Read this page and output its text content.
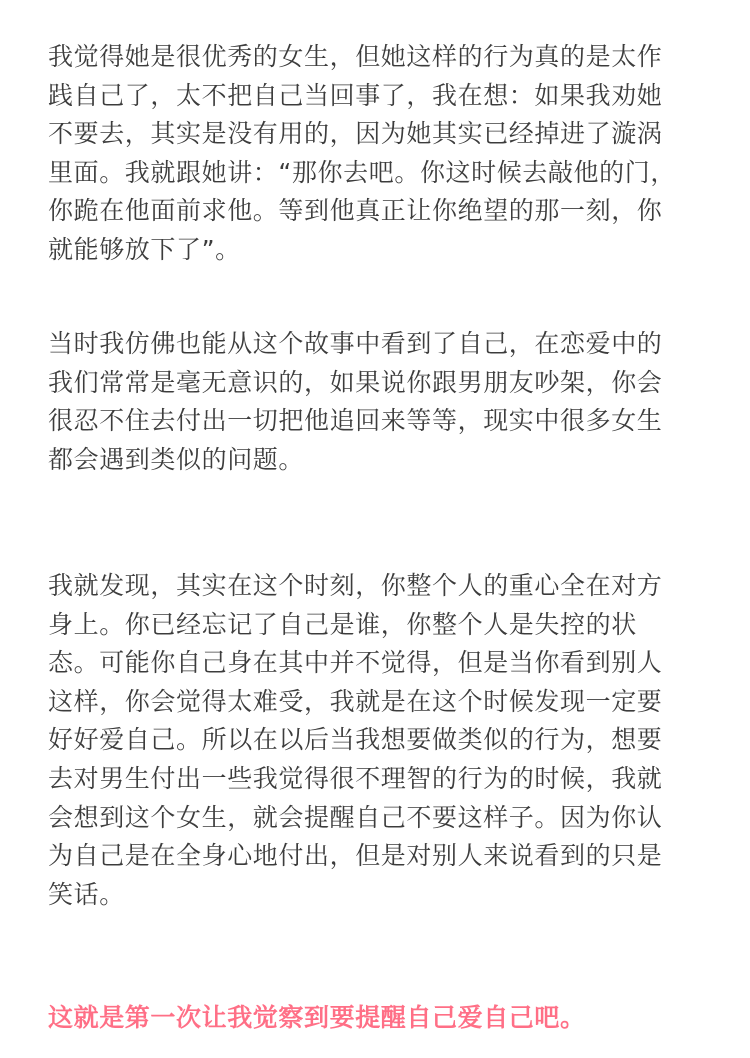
我觉得她是很优秀的女生，但她这样的行为真的是太作
践自己了，太不把自己当回事了，我在想：如果我劝她
不要去，其实是没有用的，因为她其实已经掉进了漩涡
里面。我就跟她讲：“那你去吧。你这时候去敲他的门，
你跪在他面前求他。等到他真正让你绝望的那一刻，你
就能够放下了”。

当时我仿佛也能从这个故事中看到了自己，在恋爱中的
我们常常是毫无意识的，如果说你跟男朋友吵架，你会
很忍不住去付出一切把他追回来等等，现实中很多女生
都会遇到类似的问题。

我就发现，其实在这个时刻，你整个人的重心全在对方
身上。你已经忘记了自己是谁，你整个人是失控的状
态。可能你自己身在其中并不觉得，但是当你看到别人
这样，你会觉得太难受，我就是在这个时候发现一定要
好好爱自己。所以在以后当我想要做类似的行为，想要
去对男生付出一些我觉得很不理智的行为的时候，我就
会想到这个女生，就会提醒自己不要这样子。因为你认
为自己是在全身心地付出，但是对别人来说看到的只是
笑话。

这就是第一次让我觉察到要提醒自己爱自己吧。
